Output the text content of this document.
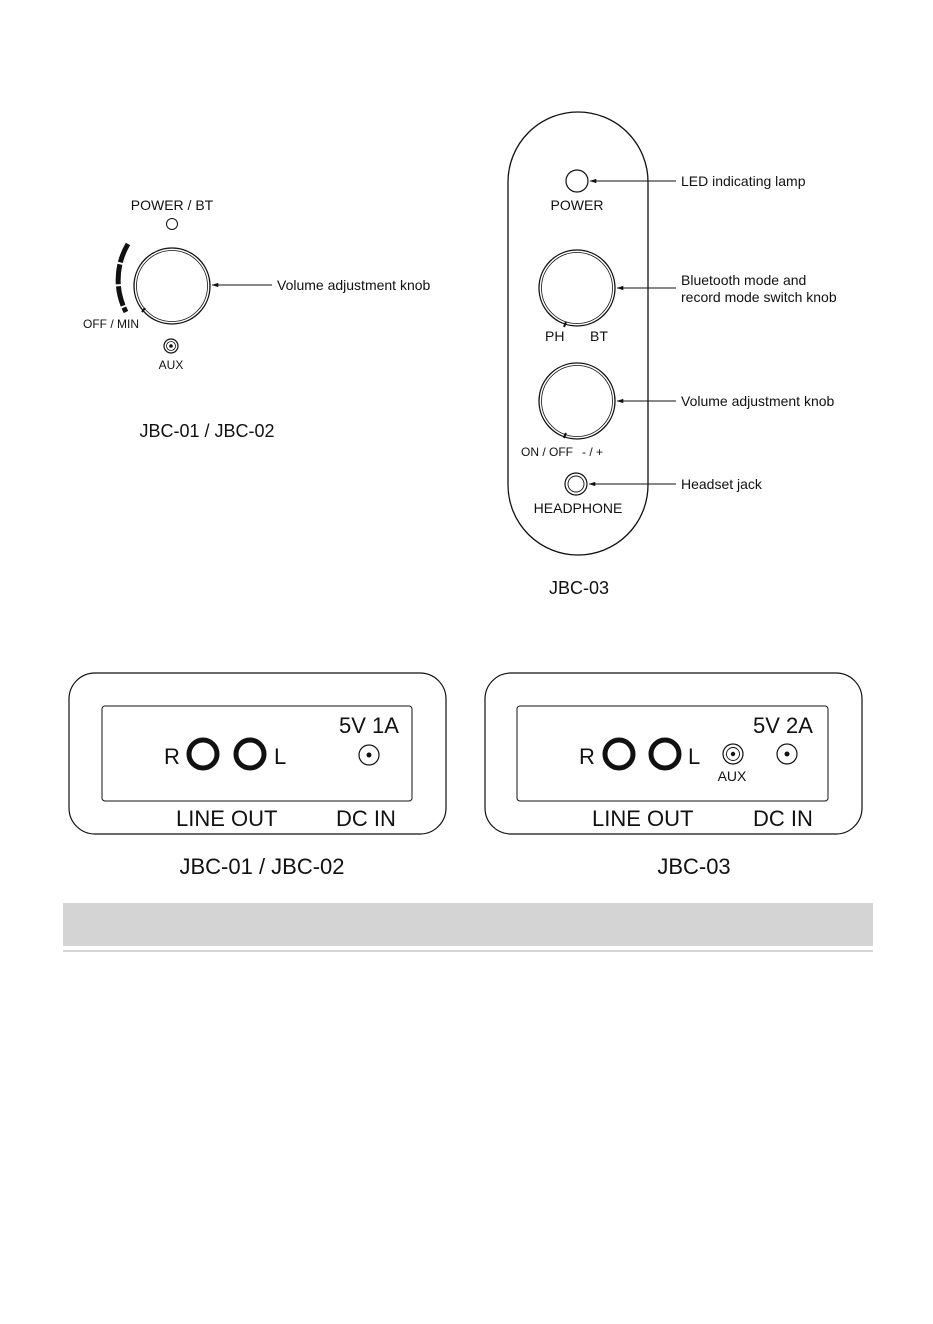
POWER / BT
Volume adjustment knob
OFF / MIN
AUX
JBC-01 / JBC-02
LED indicating lamp
POWER
Bluetooth mode and
record mode switch knob
PH BT
Volume adjustment knob
ON / OFF - / +
Headset jack
HEADPHONE
JBC-03
5V 1A
R	L
LINE OUT	DC IN
JBC-01 / JBC-02
5V 2A
R	L
AUX
LINE OUT	DC IN
JBC-03
